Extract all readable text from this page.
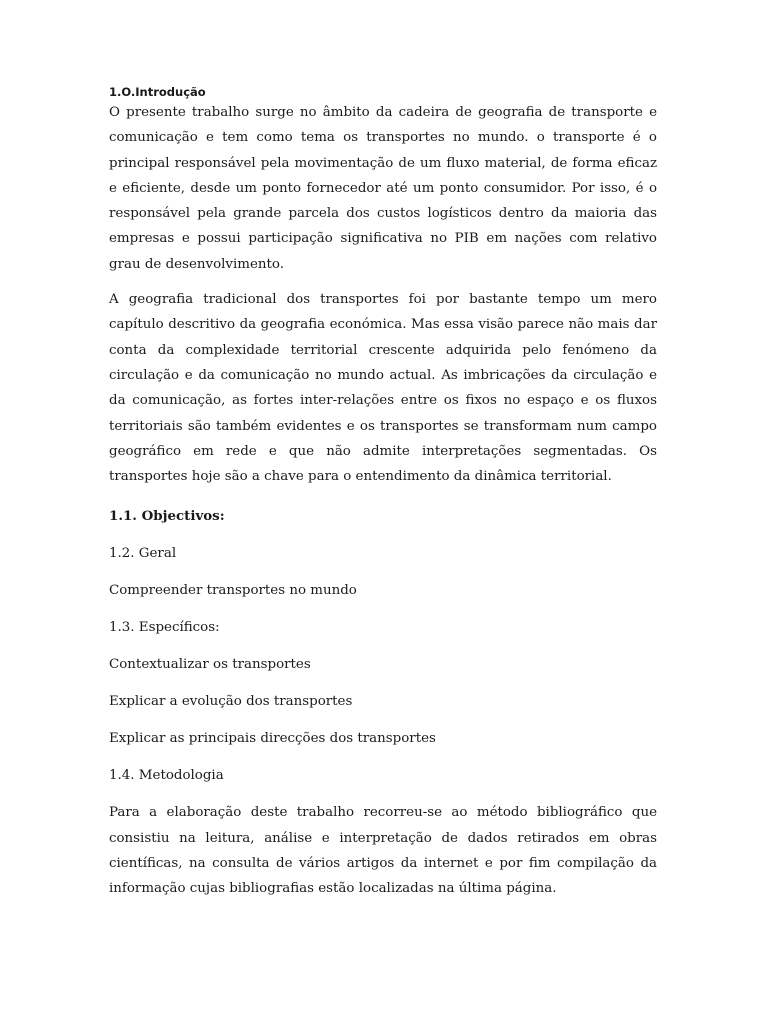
1.O.Introdução

O presente trabalho surge no âmbito da cadeira de geografia de transporte e comunicação e tem como tema os transportes no mundo. o transporte é o principal responsável pela movimentação de um fluxo material, de forma eficaz e eficiente, desde um ponto fornecedor até um ponto consumidor. Por isso, é o responsável pela grande parcela dos custos logísticos dentro da maioria das empresas e possui participação significativa no PIB em nações com relativo grau de desenvolvimento.

A geografia tradicional dos transportes foi por bastante tempo um mero capítulo descritivo da geografia económica. Mas essa visão parece não mais dar conta da complexidade territorial crescente adquirida pelo fenómeno da circulação e da comunicação no mundo actual. As imbricações da circulação e da comunicação, as fortes inter-relações entre os fixos no espaço e os fluxos territoriais são também evidentes e os transportes se transformam num campo geográfico em rede e que não admite interpretações segmentadas. Os transportes hoje são a chave para o entendimento da dinâmica territorial.

1.1. Objectivos:

1.2. Geral

Compreender transportes no mundo

1.3. Específicos:

Contextualizar os transportes

Explicar a evolução dos transportes

Explicar as principais direcções dos transportes

1.4. Metodologia

Para a elaboração deste trabalho recorreu-se ao método bibliográfico que consistiu na leitura, análise e interpretação de dados retirados em obras científicas, na consulta de vários artigos da internet e por fim compilação da informação cujas bibliografias estão localizadas na última página.
